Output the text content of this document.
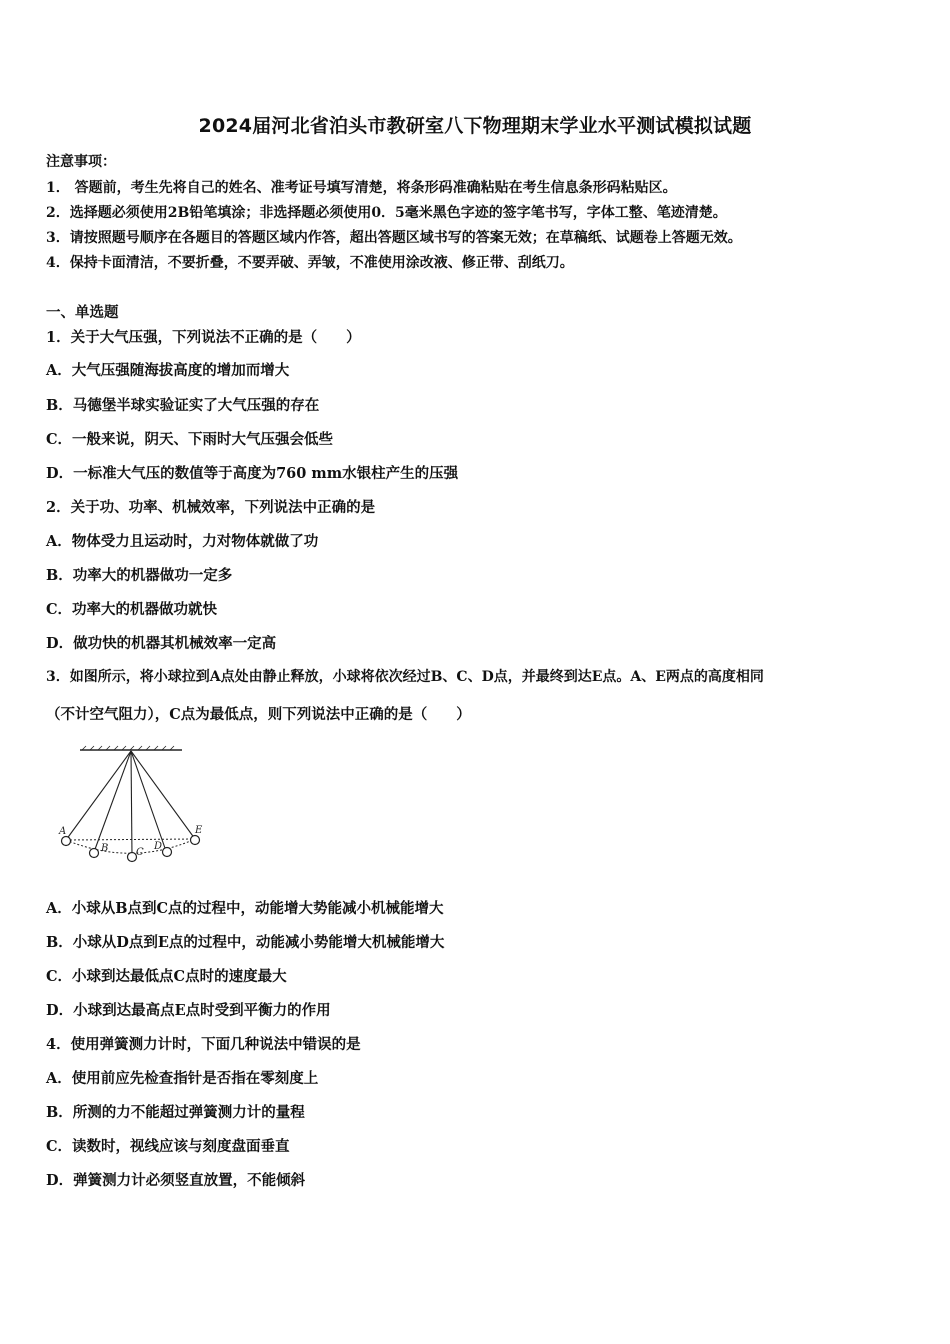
2024届河北省泊头市教研室八下物理期末学业水平测试模拟试题
注意事项：
1． 答题前，考生先将自己的姓名、准考证号填写清楚，将条形码准确粘贴在考生信息条形码粘贴区。
2．选择题必须使用2B铅笔填涂；非选择题必须使用0．5毫米黑色字迹的签字笔书写，字体工整、笔迹清楚。
3．请按照题号顺序在各题目的答题区域内作答，超出答题区域书写的答案无效；在草稿纸、试题卷上答题无效。
4．保持卡面清洁，不要折叠，不要弄破、弄皱，不准使用涂改液、修正带、刮纸刀。
一、单选题
1．关于大气压强，下列说法不正确的是（　　）
A．大气压强随海拔高度的增加而增大
B．马德堡半球实验证实了大气压强的存在
C．一般来说，阴天、下雨时大气压强会低些
D．一标准大气压的数值等于高度为760 mm水银柱产生的压强
2．关于功、功率、机械效率，下列说法中正确的是
A．物体受力且运动时，力对物体就做了功
B．功率大的机器做功一定多
C．功率大的机器做功就快
D．做功快的机器其机械效率一定高
3．如图所示，将小球拉到A点处由静止释放，小球将依次经过B、C、D点，并最终到达E点。A、E两点的高度相同
（不计空气阻力），C点为最低点，则下列说法中正确的是（　　）
A
B	C
D
E
A．小球从B点到C点的过程中，动能增大势能减小机械能增大
B．小球从D点到E点的过程中，动能减小势能增大机械能增大
C．小球到达最低点C点时的速度最大
D．小球到达最高点E点时受到平衡力的作用
4．使用弹簧测力计时，下面几种说法中错误的是
A．使用前应先检查指针是否指在零刻度上
B．所测的力不能超过弹簧测力计的量程
C．读数时，视线应该与刻度盘面垂直
D．弹簧测力计必须竖直放置，不能倾斜
